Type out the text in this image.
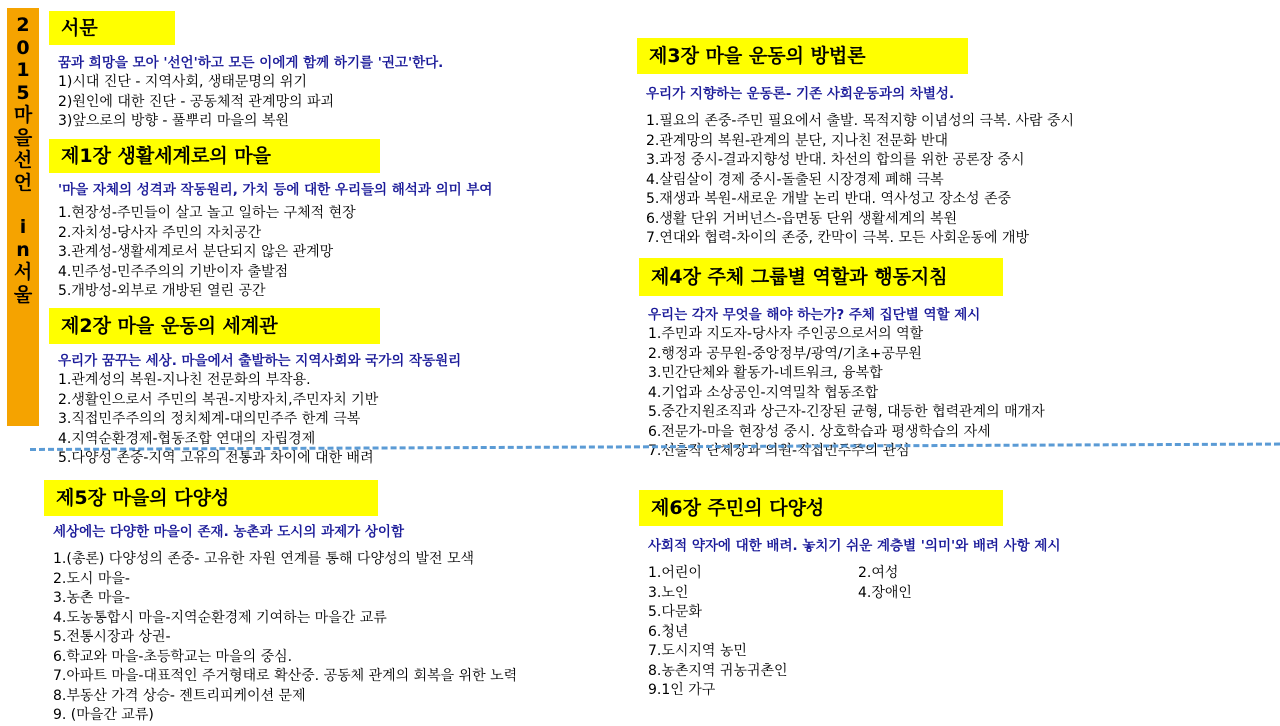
2
0
1
5
마
을
선
언
i
n
서
울
서문
꿈과 희망을 모아 '선언'하고 모든 이에게 함께 하기를 '권고'한다.
1)시대 진단 - 지역사회, 생태문명의 위기
2)원인에 대한 진단 - 공동체적 관계망의 파괴
3)앞으로의 방향 - 풀뿌리 마을의 복원
제1장 생활세계로의 마을
'마을 자체의 성격과 작동원리, 가치 등에 대한 우리들의 해석과 의미 부여
1.현장성-주민들이 살고 놀고 일하는 구체적 현장
2.자치성-당사자 주민의 자치공간
3.관계성-생활세계로서 분단되지 않은 관계망
4.민주성-민주주의의 기반이자 출발점
5.개방성-외부로 개방된 열린 공간
제2장 마을 운동의 세계관
우리가 꿈꾸는 세상. 마을에서 출발하는 지역사회와 국가의 작동원리
1.관계성의 복원-지나친 전문화의 부작용.
2.생활인으로서 주민의 복권-지방자치,주민자치 기반
3.직접민주주의의 정치체계-대의민주주 한계 극복
4.지역순환경제-협동조합 연대의 자립경제
5.다양성 존중-지역 고유의 전통과 차이에 대한 배려
제3장 마을 운동의 방법론
우리가 지향하는 운동론- 기존 사회운동과의 차별성.
1.필요의 존중-주민 필요에서 출발. 목적지향 이념성의 극복. 사람 중시
2.관계망의 복원-관계의 분단, 지나친 전문화 반대
3.과정 중시-결과지향성 반대. 차선의 합의를 위한 공론장 중시
4.살림살이 경제 중시-돌출된 시장경제 폐해 극복
5.재생과 복원-새로운 개발 논리 반대. 역사성고 장소성 존중
6.생활 단위 거버넌스-읍면동 단위 생활세계의 복원
7.연대와 협력-차이의 존중, 칸막이 극복. 모든 사회운동에 개방
제4장 주체 그룹별 역할과 행동지침
우리는 각자 무엇을 해야 하는가? 주체 집단별 역할 제시
1.주민과 지도자-당사자 주인공으로서의 역할
2.행정과 공무원-중앙정부/광역/기초+공무원
3.민간단체와 활동가-네트워크, 융복합
4.기업과 소상공인-지역밀착 협동조합
5.중간지원조직과 상근자-긴장된 균형, 대등한 협력관계의 매개자
6.전문가-마을 현장성 중시. 상호학습과 평생학습의 자세
7.선출직 단체장과 의원-직접민주주의 관심
제5장 마을의 다양성
세상에는 다양한 마을이 존재. 농촌과 도시의 과제가 상이함
1.(총론) 다양성의 존중- 고유한 자원 연계를 통해 다양성의 발전 모색
2.도시 마을-
3.농촌 마을-
4.도농통합시 마을-지역순환경제 기여하는 마을간 교류
5.전통시장과 상권-
6.학교와 마을-초등학교는 마을의 중심.
7.아파트 마을-대표적인 주거형태로 확산중. 공동체 관계의 회복을 위한 노력
8.부동산 가격 상승- 젠트리피케이션 문제
9. (마을간 교류)
제6장 주민의 다양성
사회적 약자에 대한 배려. 놓치기 쉬운 계층별 '의미'와 배려 사항 제시
1.어린이	2.여성
3.노인	4.장애인
5.다문화
6.청년
7.도시지역 농민
8.농촌지역 귀농귀촌인
9.1인 가구
